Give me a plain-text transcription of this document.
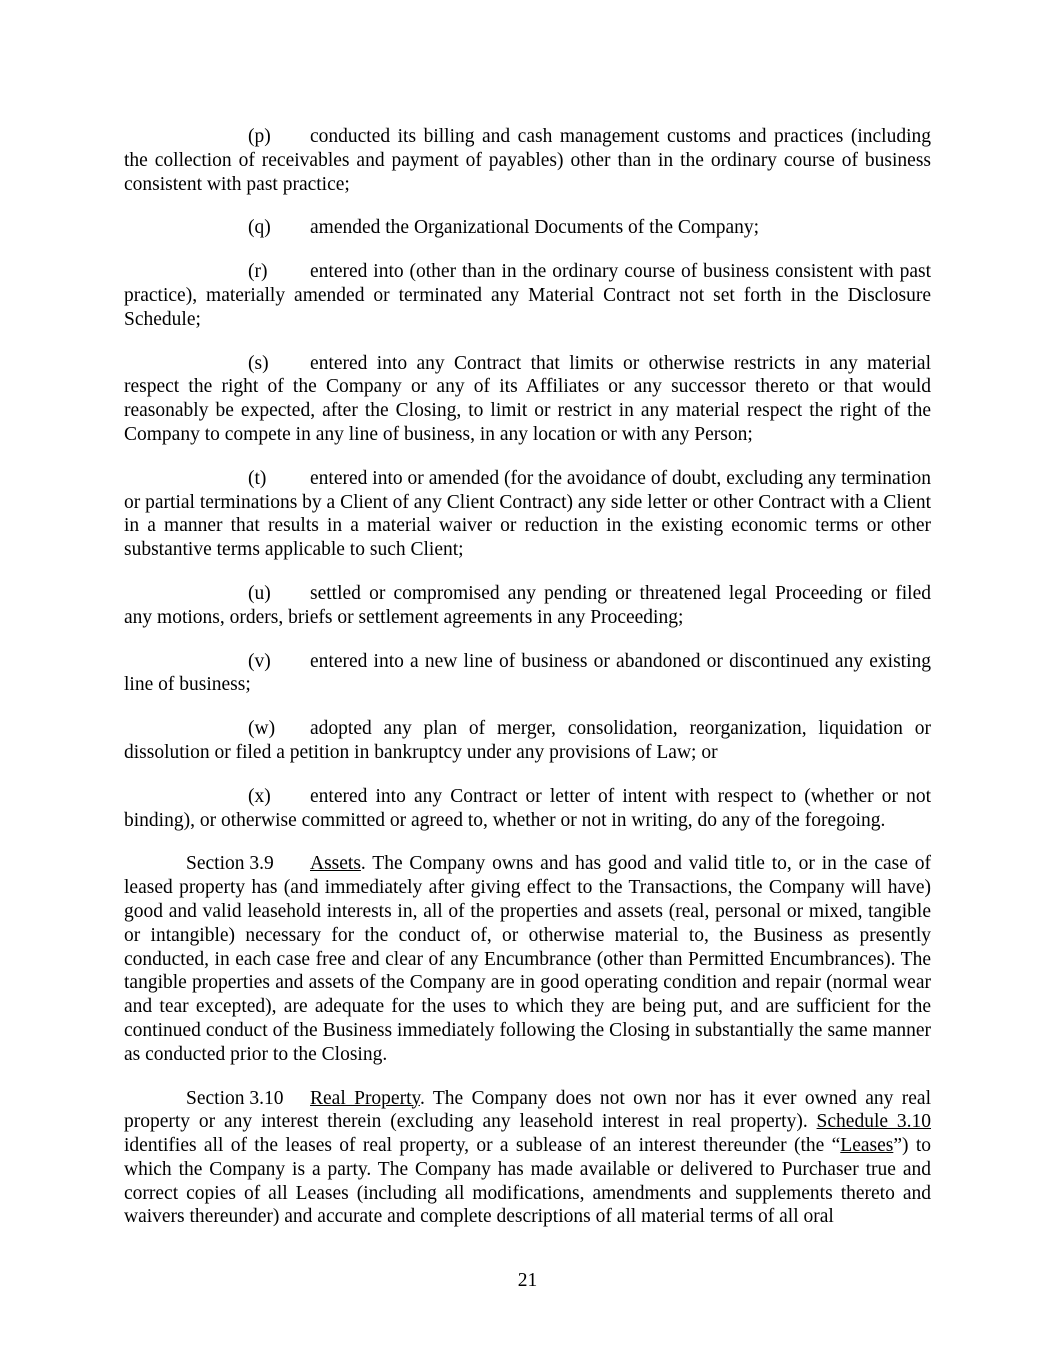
(p) conducted its billing and cash management customs and practices (including the collection of receivables and payment of payables) other than in the ordinary course of business consistent with past practice;

(q) amended the Organizational Documents of the Company;

(r) entered into (other than in the ordinary course of business consistent with past practice), materially amended or terminated any Material Contract not set forth in the Disclosure Schedule;

(s) entered into any Contract that limits or otherwise restricts in any material respect the right of the Company or any of its Affiliates or any successor thereto or that would reasonably be expected, after the Closing, to limit or restrict in any material respect the right of the Company to compete in any line of business, in any location or with any Person;

(t) entered into or amended (for the avoidance of doubt, excluding any termination or partial terminations by a Client of any Client Contract) any side letter or other Contract with a Client in a manner that results in a material waiver or reduction in the existing economic terms or other substantive terms applicable to such Client;

(u) settled or compromised any pending or threatened legal Proceeding or filed any motions, orders, briefs or settlement agreements in any Proceeding;

(v) entered into a new line of business or abandoned or discontinued any existing line of business;

(w) adopted any plan of merger, consolidation, reorganization, liquidation or dissolution or filed a petition in bankruptcy under any provisions of Law; or

(x) entered into any Contract or letter of intent with respect to (whether or not binding), or otherwise committed or agreed to, whether or not in writing, do any of the foregoing.

Section 3.9 Assets. The Company owns and has good and valid title to, or in the case of leased property has (and immediately after giving effect to the Transactions, the Company will have) good and valid leasehold interests in, all of the properties and assets (real, personal or mixed, tangible or intangible) necessary for the conduct of, or otherwise material to, the Business as presently conducted, in each case free and clear of any Encumbrance (other than Permitted Encumbrances). The tangible properties and assets of the Company are in good operating condition and repair (normal wear and tear excepted), are adequate for the uses to which they are being put, and are sufficient for the continued conduct of the Business immediately following the Closing in substantially the same manner as conducted prior to the Closing.

Section 3.10 Real Property. The Company does not own nor has it ever owned any real property or any interest therein (excluding any leasehold interest in real property). Schedule 3.10 identifies all of the leases of real property, or a sublease of an interest thereunder (the “Leases”) to which the Company is a party. The Company has made available or delivered to Purchaser true and correct copies of all Leases (including all modifications, amendments and supplements thereto and waivers thereunder) and accurate and complete descriptions of all material terms of all oral

21
